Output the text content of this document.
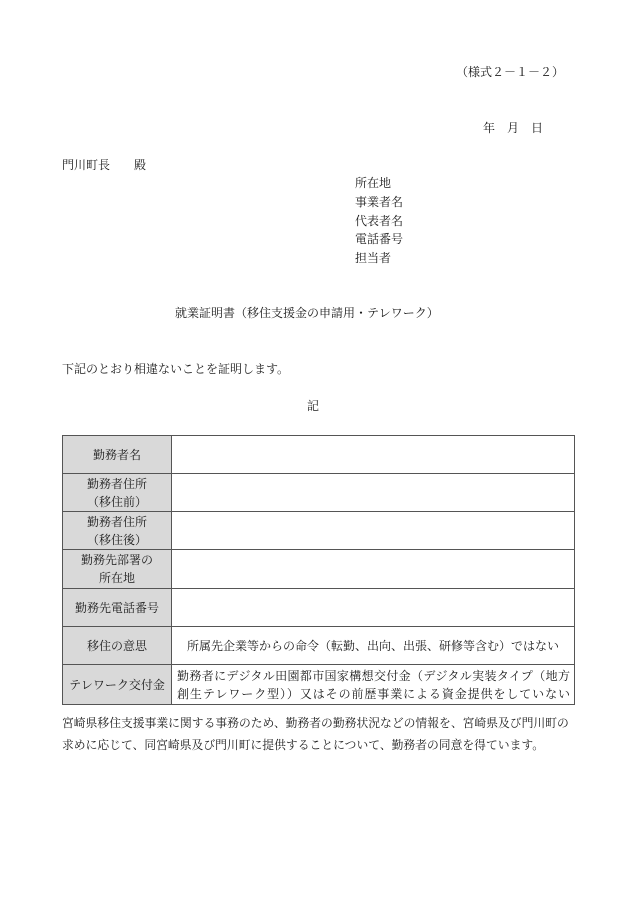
（様式２－１－２）
年　月　日
門川町長　　殿
所在地
事業者名
代表者名
電話番号
担当者
就業証明書（移住支援金の申請用・テレワーク）
下記のとおり相違ないことを証明します。
記
勤務者名	

勤務者住所
（移住前）	

勤務者住所
（移住後）	

勤務先部署の
所在地	

勤務先電話番号	

移住の意思	所属先企業等からの命令（転勤、出向、出張、研修等含む）ではない

テレワーク交付金	勤務者にデジタル田園都市国家構想交付金（デジタル実装タイプ（地方
創生テレワーク型））又はその前歴事業による資金提供をしていない
宮崎県移住支援事業に関する事務のため、勤務者の勤務状況などの情報を、宮崎県及び門川町の
求めに応じて、同宮崎県及び門川町に提供することについて、勤務者の同意を得ています。
